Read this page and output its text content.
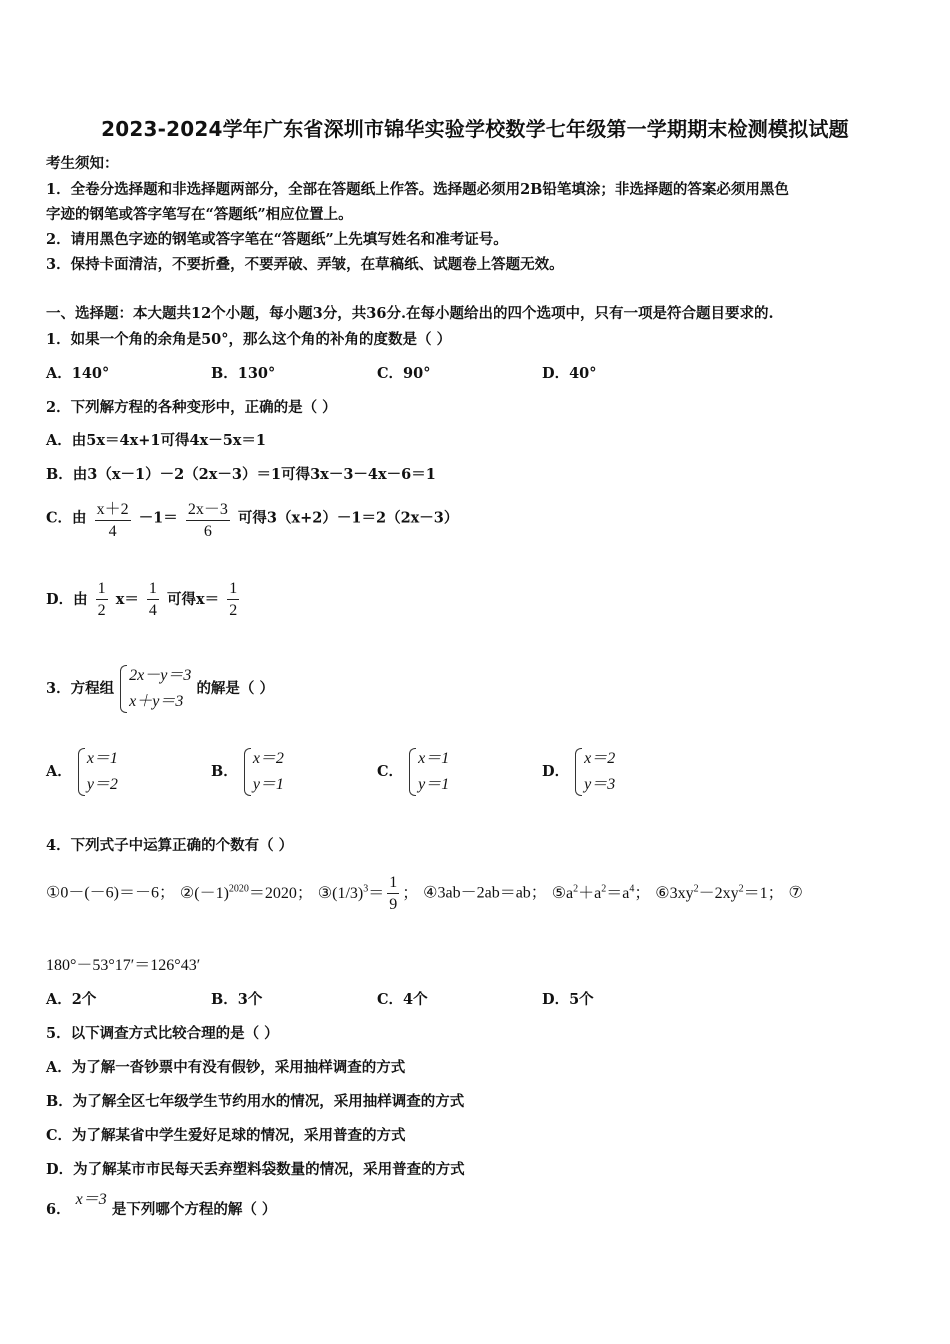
2023-2024学年广东省深圳市锦华实验学校数学七年级第一学期期末检测模拟试题
考生须知：
1．全卷分选择题和非选择题两部分，全部在答题纸上作答。选择题必须用2B铅笔填涂；非选择题的答案必须用黑色
字迹的钢笔或答字笔写在“答题纸”相应位置上。
2．请用黑色字迹的钢笔或答字笔在“答题纸”上先填写姓名和准考证号。
3．保持卡面清洁，不要折叠，不要弄破、弄皱，在草稿纸、试题卷上答题无效。
一、选择题：本大题共12个小题，每小题3分，共36分.在每小题给出的四个选项中，只有一项是符合题目要求的.
1．如果一个角的余角是50°，那么这个角的补角的度数是（ ）
A．140°	B．130°	C．90°	D．40°
2．下列解方程的各种变形中，正确的是（ ）
A．由5x＝4x+1可得4x－5x＝1
B．由3（x－1）－2（2x－3）＝1可得3x－3－4x－6＝1
C．由 $\frac{x+2}{4} -1= \frac{2x-3}{6}$ 可得3（x+2）－1＝2（2x－3）
D．由 $\frac{1}{2} x= \frac{1}{4}$ 可得$x= \frac{1}{2}$
3．方程组
2x－y＝3
x＋y＝3
的解是（ ）
A．
x＝1
y＝2
B．
x＝2
y＝1
C．
x＝1
y＝1
D．
x＝2
y＝3
4．下列式子中运算正确的个数有（ ）
①0－(－6)＝－6； $②(-1)^{2020}=2020$； $③(1/3)^3= \frac{1}{9}$ ； ④3ab－2ab＝ab； $⑤a^2+a^2=a^4$； $⑥3xy^2-2xy^2=1$； ⑦
180°－53°17′＝126°43′
A．2个	B．3个	C．4个	D．5个
5．以下调查方式比较合理的是（ ）
A．为了解一沓钞票中有没有假钞，采用抽样调查的方式
B．为了解全区七年级学生节约用水的情况，采用抽样调查的方式
C．为了解某省中学生爱好足球的情况，采用普查的方式
D．为了解某市市民每天丢弃塑料袋数量的情况，采用普查的方式
6． x＝3 是下列哪个方程的解（ ）
